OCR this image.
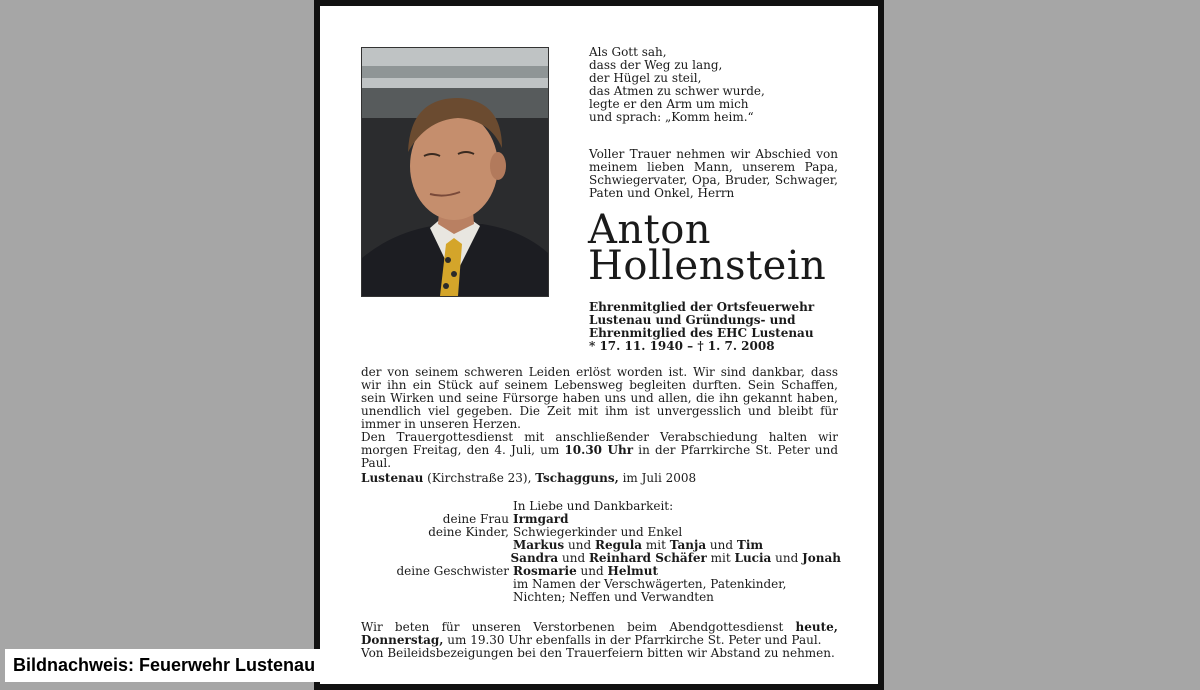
Als Gott sah,
dass der Weg zu lang,
der Hügel zu steil,
das Atmen zu schwer wurde,
legte er den Arm um mich
und sprach: „Komm heim.“

Voller Trauer nehmen wir Abschied von meinem lieben Mann, unserem Papa, Schwiegervater, Opa, Bruder, Schwager, Paten und Onkel, Herrn

Anton
Hollenstein
Ehrenmitglied der Ortsfeuerwehr
Lustenau und Gründungs- und
Ehrenmitglied des EHC Lustenau
* 17. 11. 1940 – † 1. 7. 2008

der von seinem schweren Leiden erlöst worden ist. Wir sind dankbar, dass wir ihn ein Stück auf seinem Lebensweg begleiten durften. Sein Schaffen, sein Wirken und seine Fürsorge haben uns und allen, die ihn gekannt haben, unendlich viel gegeben. Die Zeit mit ihm ist unvergesslich und bleibt für immer in unseren Herzen.

Den Trauergottesdienst mit anschließender Verabschiedung halten wir morgen Freitag, den 4. Juli, um 10.30 Uhr in der Pfarrkirche St. Peter und Paul.

Lustenau (Kirchstraße 23), Tschagguns, im Juli 2008

In Liebe und Dankbarkeit:
deine Frau Irmgard
deine Kinder, Schwiegerkinder und Enkel
Markus und Regula mit Tanja und Tim
Sandra und Reinhard Schäfer mit Lucia und Jonah
deine Geschwister Rosmarie und Helmut
im Namen der Verschwägerten, Patenkinder,
Nichten; Neffen und Verwandten

Wir beten für unseren Verstorbenen beim Abendgottesdienst heute, Donnerstag, um 19.30 Uhr ebenfalls in der Pfarrkirche St. Peter und Paul.

Von Beileidsbezeigungen bei den Trauerfeiern bitten wir Abstand zu nehmen.

Bildnachweis: Feuerwehr Lustenau
